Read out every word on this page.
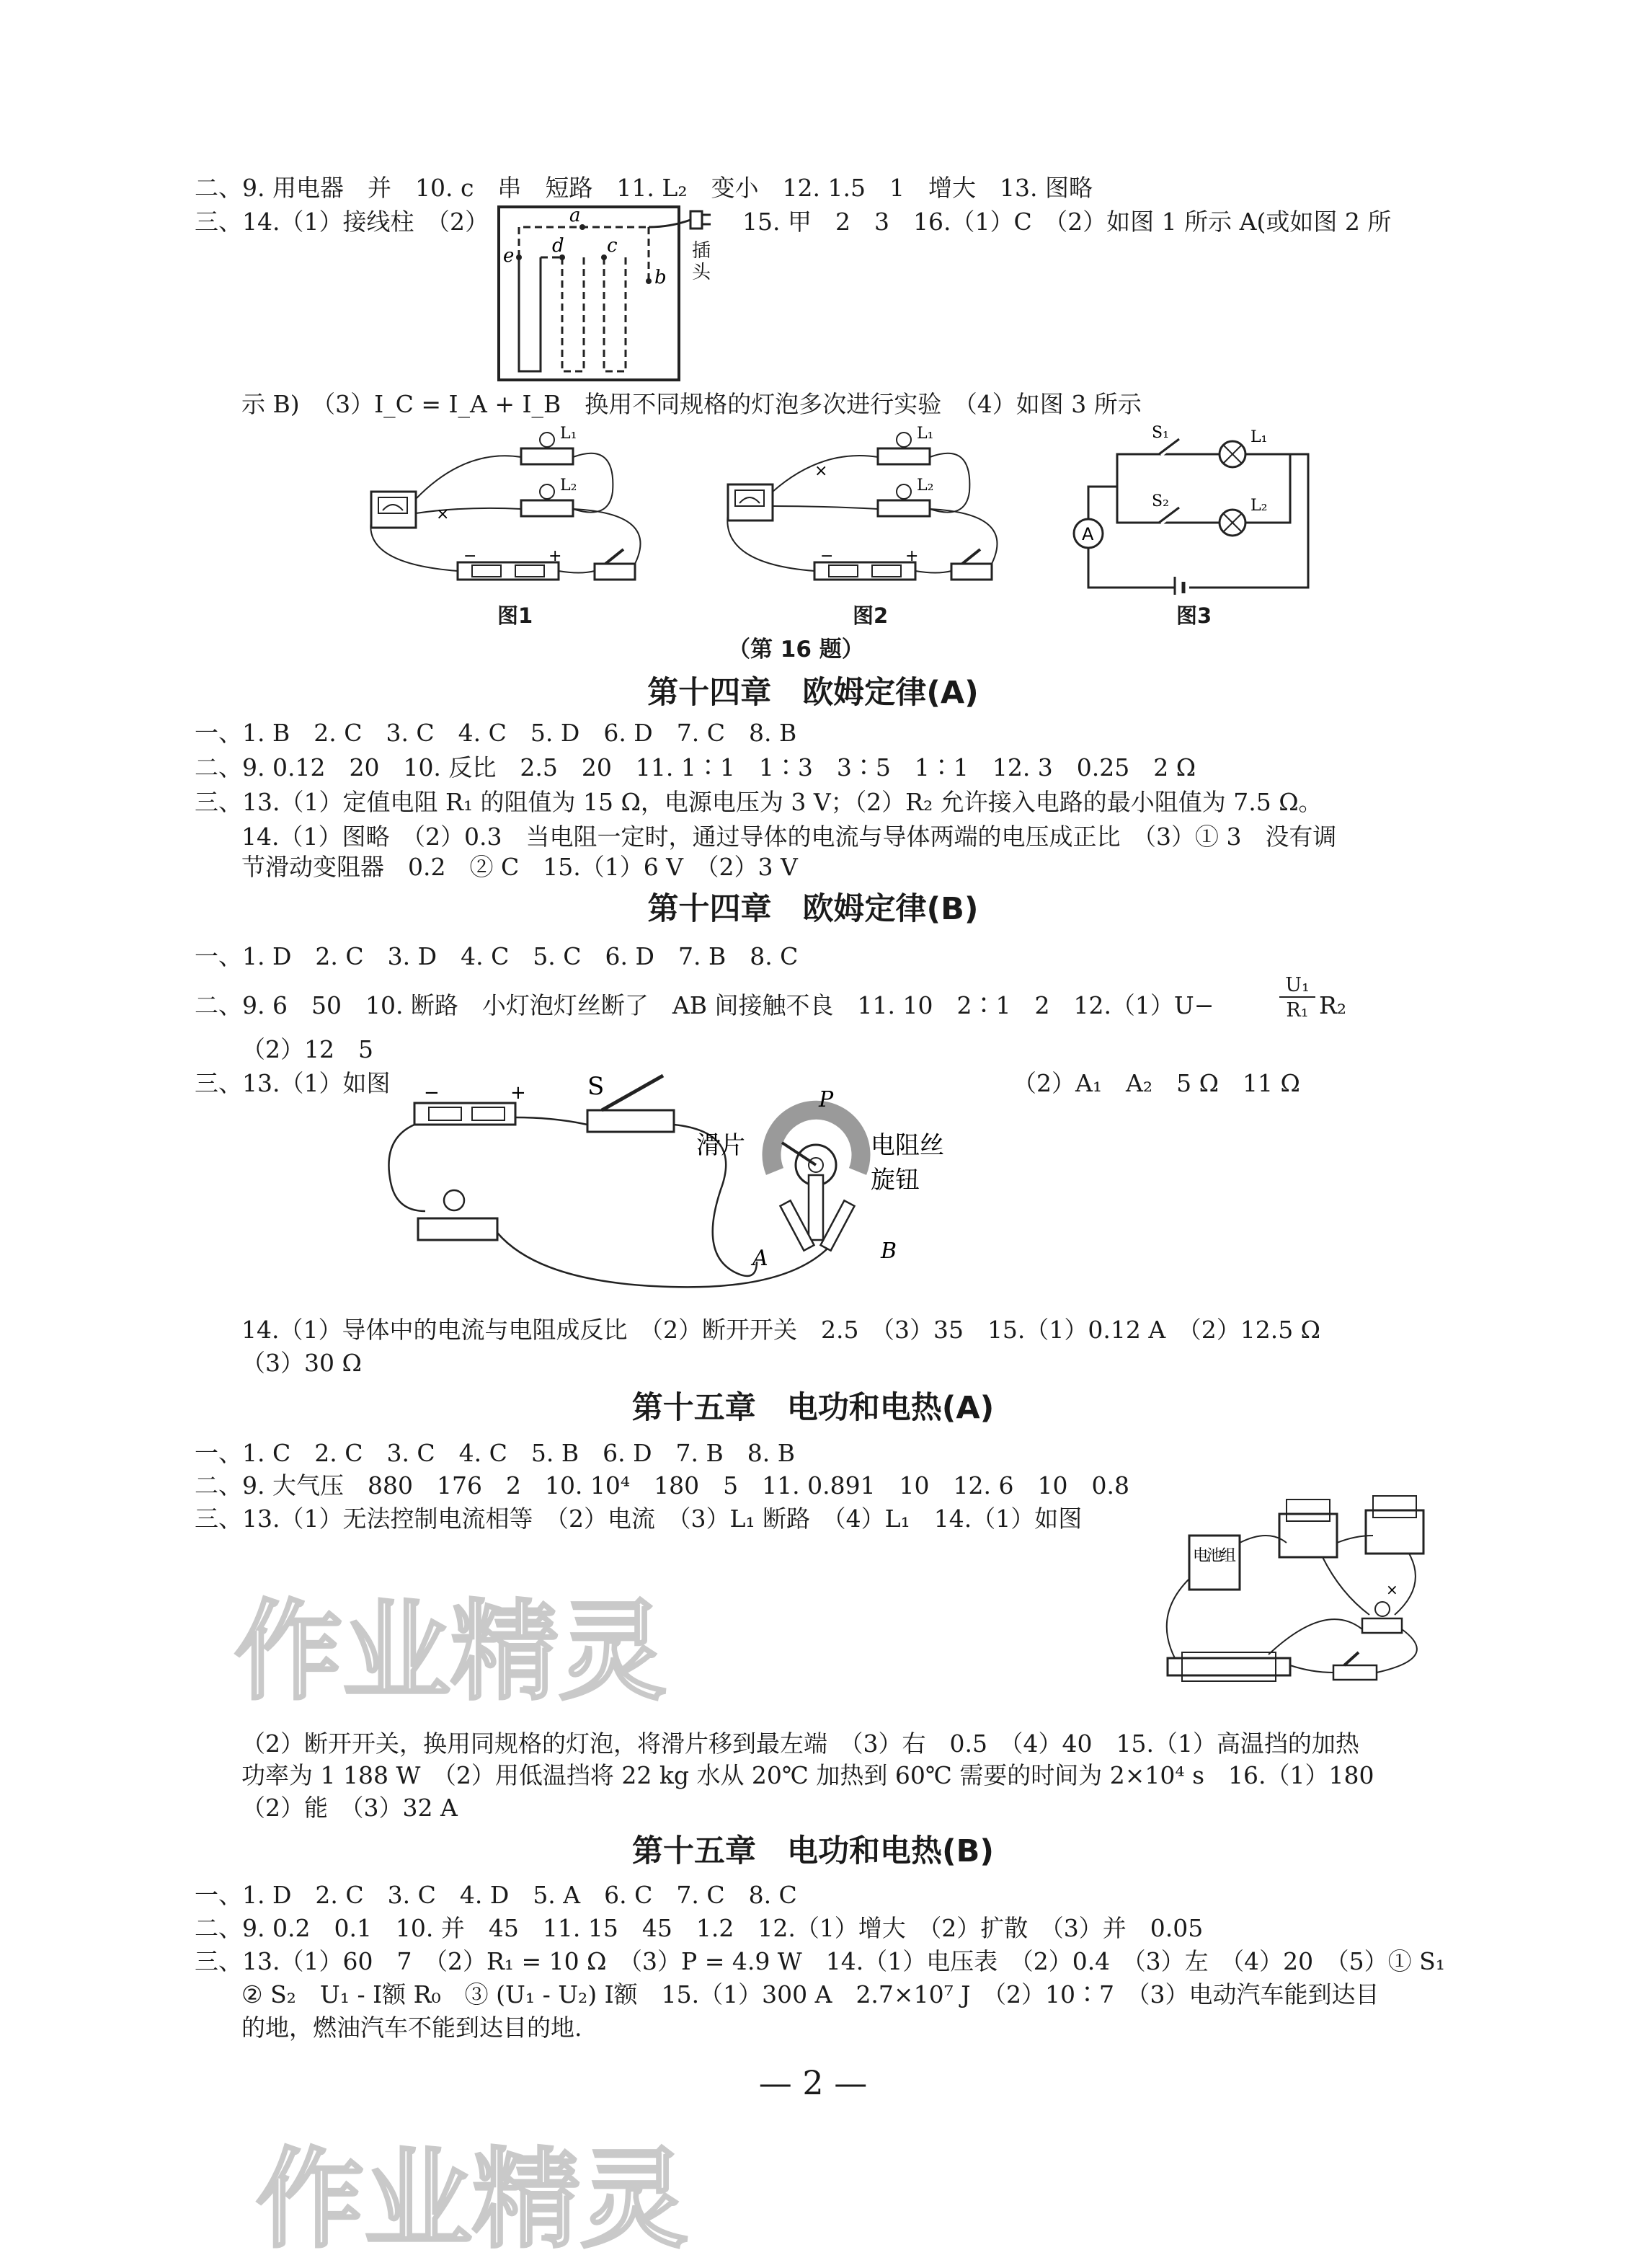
二、9. 用电器　并　10. c　串　短路　11. L₂　变小　12. 1.5　1　增大　13. 图略
三、14.（1）接线柱　（2）	a
b
c
d
e	插头
15. 甲　2　3　16.（1）C　（2）如图 1 所示 A(或如图 2 所
示 B)　（3）I_C = I_A + I_B　换用不同规格的灯泡多次进行实验　（4）如图 3 所示
×
−	+
L₁
L₂
图1
×
−	+
L₁
L₂
图2
A
S₁
S₂
L₁
L₂
图3
（第 16 题）
第十四章　欧姆定律(A)
一、1. B　2. C　3. C　4. C　5. D　6. D　7. C　8. B
二、9. 0.12　20　10. 反比　2.5　20　11. 1∶1　1∶3　3∶5　1∶1　12. 3　0.25　2 Ω
三、13.（1）定值电阻 R₁ 的阻值为 15 Ω，电源电压为 3 V；（2）R₂ 允许接入电路的最小阻值为 7.5 Ω。
14.（1）图略　（2）0.3　当电阻一定时，通过导体的电流与导体两端的电压成正比　（3）① 3　没有调
节滑动变阻器　0.2　② C　15.（1）6 V　（2）3 V
第十四章　欧姆定律(B)
一、1. D　2. C　3. D　4. C　5. C　6. D　7. B　8. C
二、9. 6　50　10. 断路　小灯泡灯丝断了　AB 间接触不良　11. 10　2∶1　2　12.（1）U−
U₁
R₁ R₂
（2）12　5
三、13.（1）如图	（2）A₁　A₂　5 Ω　11 Ω
−	+	S
滑片	电阻丝
旋钮
P
A	B
14.（1）导体中的电流与电阻成反比　（2）断开开关　2.5　（3）35　15.（1）0.12 A　（2）12.5 Ω
（3）30 Ω
第十五章　电功和电热(A)
一、1. C　2. C　3. C　4. C　5. B　6. D　7. B　8. B
二、9. 大气压　880　176　2　10. 10⁴　180　5　11. 0.891　10　12. 6　10　0.8
三、13.（1）无法控制电流相等　（2）电流　（3）L₁ 断路　（4）L₁　14.（1）如图
×
电池组
作业精灵
（2）断开开关，换用同规格的灯泡，将滑片移到最左端　（3）右　0.5　（4）40　15.（1）高温挡的加热
功率为 1 188 W　（2）用低温挡将 22 kg 水从 20℃ 加热到 60℃ 需要的时间为 2×10⁴ s　16.（1）180
（2）能　（3）32 A
第十五章　电功和电热(B)
一、1. D　2. C　3. C　4. D　5. A　6. C　7. C　8. C
二、9. 0.2　0.1　10. 并　45　11. 15　45　1.2　12.（1）增大　（2）扩散　（3）并　0.05
三、13.（1）60　7　（2）R₁ = 10 Ω　（3）P = 4.9 W　14.（1）电压表　（2）0.4　（3）左　（4）20　（5）① S₁
② S₂　U₁ - I额 R₀　③ (U₁ - U₂) I额　15.（1）300 A　2.7×10⁷ J　（2）10∶7　（3）电动汽车能到达目
的地，燃油汽车不能到达目的地.
— 2 —
作业精灵
